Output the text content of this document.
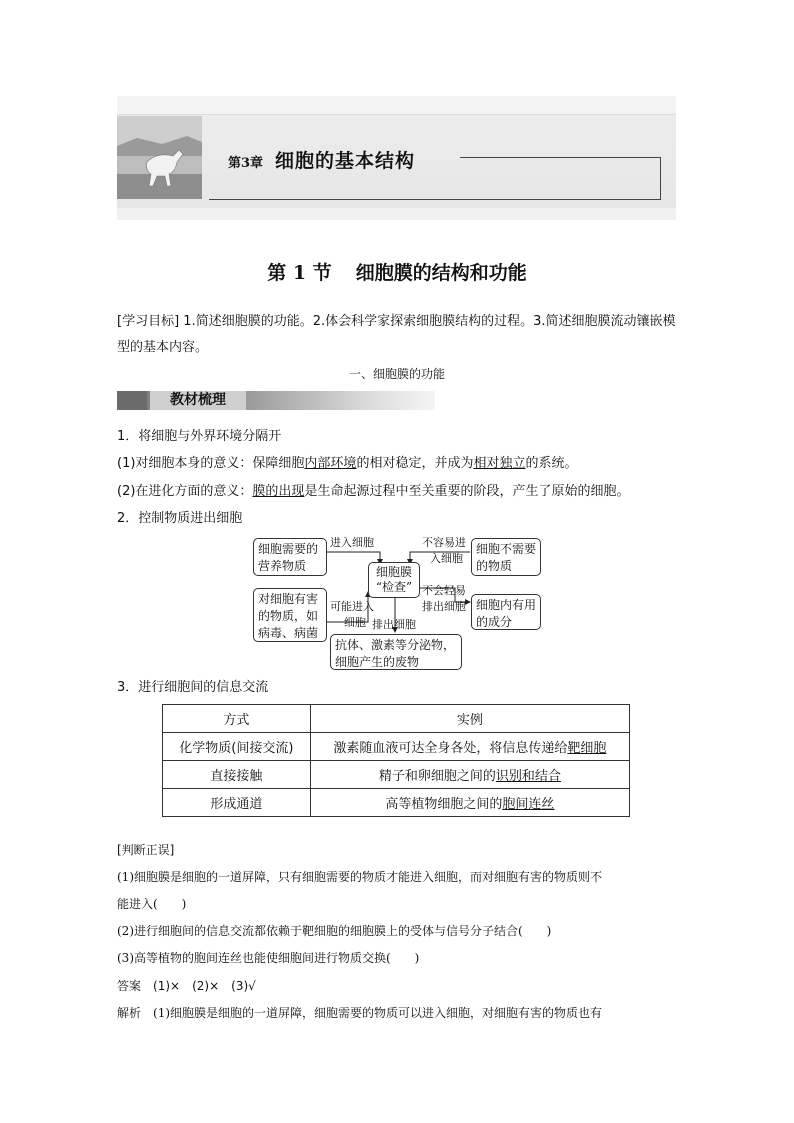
第3章 细胞的基本结构
第 1 节 细胞膜的结构和功能
[学习目标] 1.简述细胞膜的功能。2.体会科学家探索细胞膜结构的过程。3.简述细胞膜流动镶嵌模型的基本内容。
一、细胞膜的功能
教材梳理
1．将细胞与外界环境分隔开
(1)对细胞本身的意义：保障细胞内部环境的相对稳定，并成为相对独立的系统。
(2)在进化方面的意义：膜的出现是生命起源过程中至关重要的阶段，产生了原始的细胞。
2．控制物质进出细胞
细胞需要的营养物质
细胞不需要的物质
细胞膜
“检查”
对细胞有害的物质，如病毒、病菌
细胞内有用的成分
抗体、激素等分泌物，细胞产生的废物
进入细胞	不容易进
入细胞
可能进入
细胞
不会轻易
排出细胞
排出细胞
3．进行细胞间的信息交流
方式	实例
化学物质(间接交流)	激素随血液可达全身各处，将信息传递给靶细胞
直接接触	精子和卵细胞之间的识别和结合
形成通道	高等植物细胞之间的胞间连丝
[判断正误]
(1)细胞膜是细胞的一道屏障，只有细胞需要的物质才能进入细胞，而对细胞有害的物质则不
能进入(　　)
(2)进行细胞间的信息交流都依赖于靶细胞的细胞膜上的受体与信号分子结合(　　)
(3)高等植物的胞间连丝也能使细胞间进行物质交换(　　)
答案　 (1)×　(2)×　(3)√
解析　 (1)细胞膜是细胞的一道屏障，细胞需要的物质可以进入细胞，对细胞有害的物质也有
